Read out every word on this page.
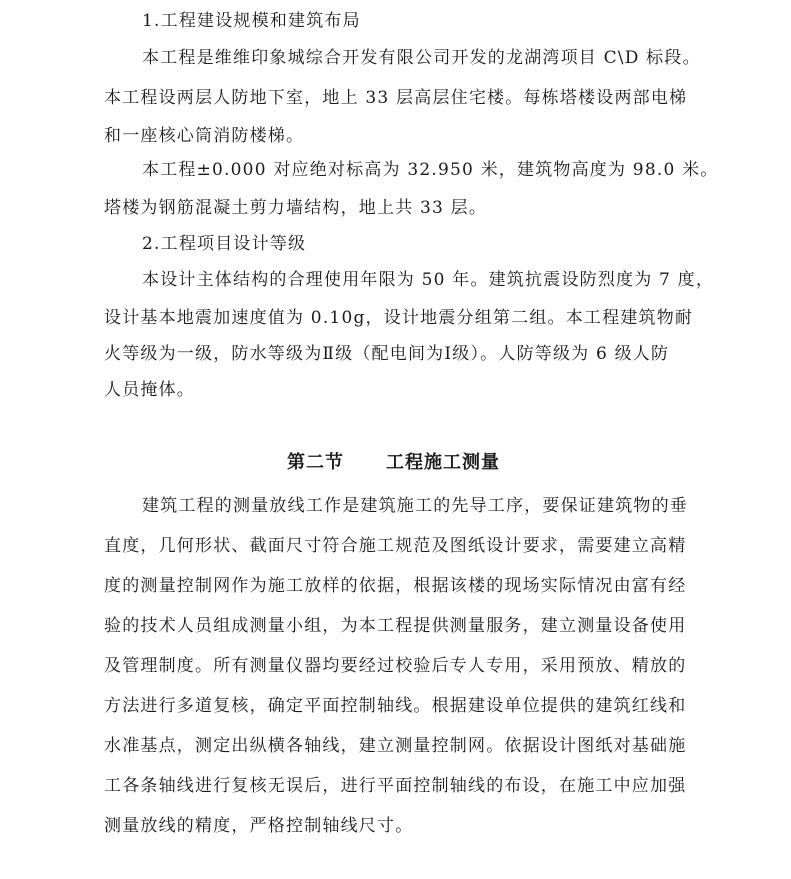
1.工程建设规模和建筑布局
本工程是维维印象城综合开发有限公司开发的龙湖湾项目 C\D 标段。
本工程设两层人防地下室，地上 33 层高层住宅楼。每栋塔楼设两部电梯
和一座核心筒消防楼梯。
本工程±0.000 对应绝对标高为 32.950 米，建筑物高度为 98.0 米。
塔楼为钢筋混凝土剪力墙结构，地上共 33 层。
2.工程项目设计等级
本设计主体结构的合理使用年限为 50 年。建筑抗震设防烈度为 7 度，
设计基本地震加速度值为 0.10g，设计地震分组第二组。本工程建筑物耐
火等级为一级，防水等级为Ⅱ级（配电间为Ⅰ级）。人防等级为 6 级人防
人员掩体。
第二节 工程施工测量
建筑工程的测量放线工作是建筑施工的先导工序，要保证建筑物的垂
直度，几何形状、截面尺寸符合施工规范及图纸设计要求，需要建立高精
度的测量控制网作为施工放样的依据，根据该楼的现场实际情况由富有经
验的技术人员组成测量小组，为本工程提供测量服务，建立测量设备使用
及管理制度。所有测量仪器均要经过校验后专人专用，采用预放、精放的
方法进行多道复核，确定平面控制轴线。根据建设单位提供的建筑红线和
水准基点，测定出纵横各轴线，建立测量控制网。依据设计图纸对基础施
工各条轴线进行复核无误后，进行平面控制轴线的布设，在施工中应加强
测量放线的精度，严格控制轴线尺寸。
